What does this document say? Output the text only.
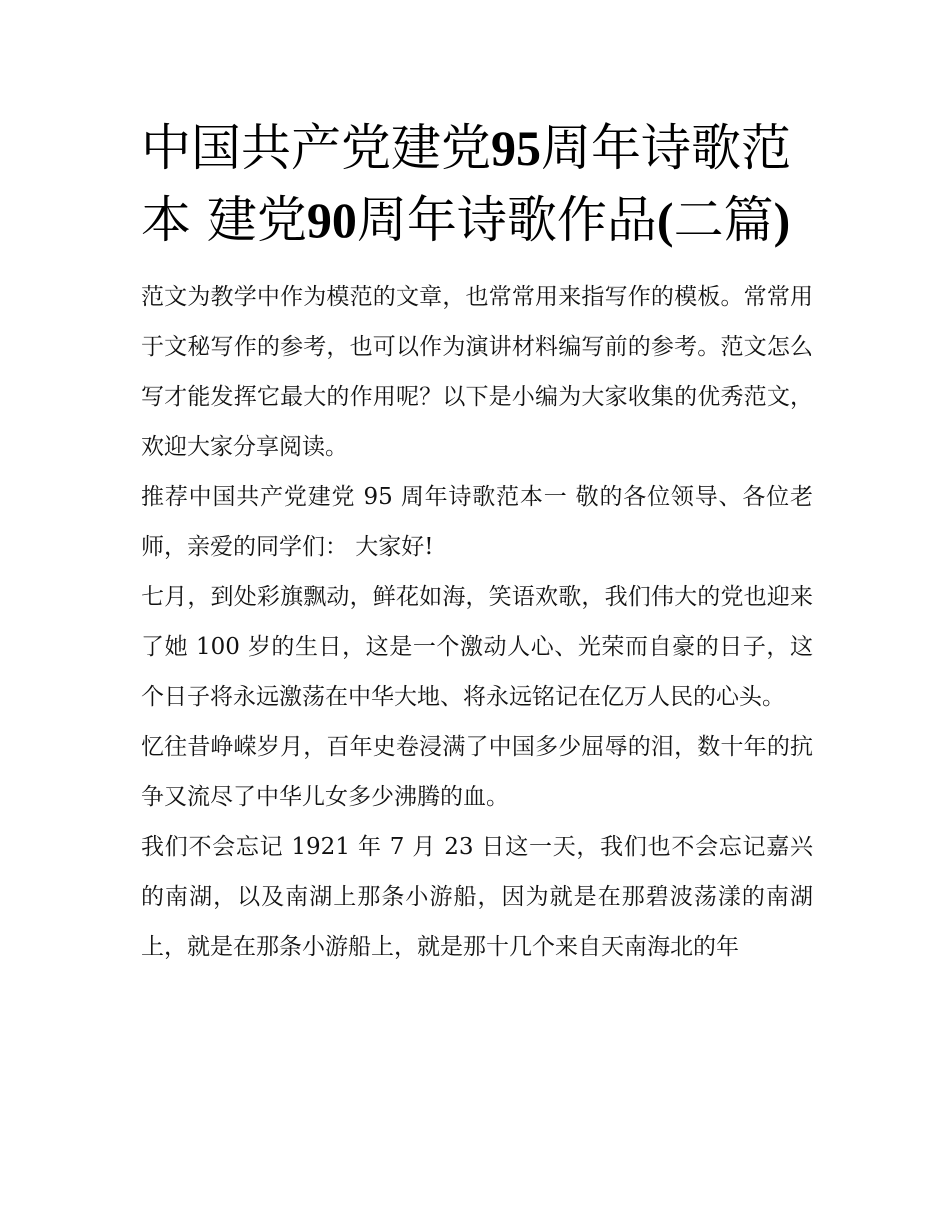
中国共产党建党95周年诗歌范本 建党90周年诗歌作品(二篇)

范文为教学中作为模范的文章，也常常用来指写作的模板。常常用于文秘写作的参考，也可以作为演讲材料编写前的参考。范文怎么写才能发挥它最大的作用呢？以下是小编为大家收集的优秀范文，欢迎大家分享阅读。

推荐中国共产党建党 95 周年诗歌范本一 敬的各位领导、各位老师，亲爱的同学们： 大家好!

七月，到处彩旗飘动，鲜花如海，笑语欢歌，我们伟大的党也迎来了她 100 岁的生日，这是一个激动人心、光荣而自豪的日子，这个日子将永远激荡在中华大地、将永远铭记在亿万人民的心头。

忆往昔峥嵘岁月，百年史卷浸满了中国多少屈辱的泪，数十年的抗争又流尽了中华儿女多少沸腾的血。

我们不会忘记 1921 年 7 月 23 日这一天，我们也不会忘记嘉兴的南湖，以及南湖上那条小游船，因为就是在那碧波荡漾的南湖上，就是在那条小游船上，就是那十几个来自天南海北的年
